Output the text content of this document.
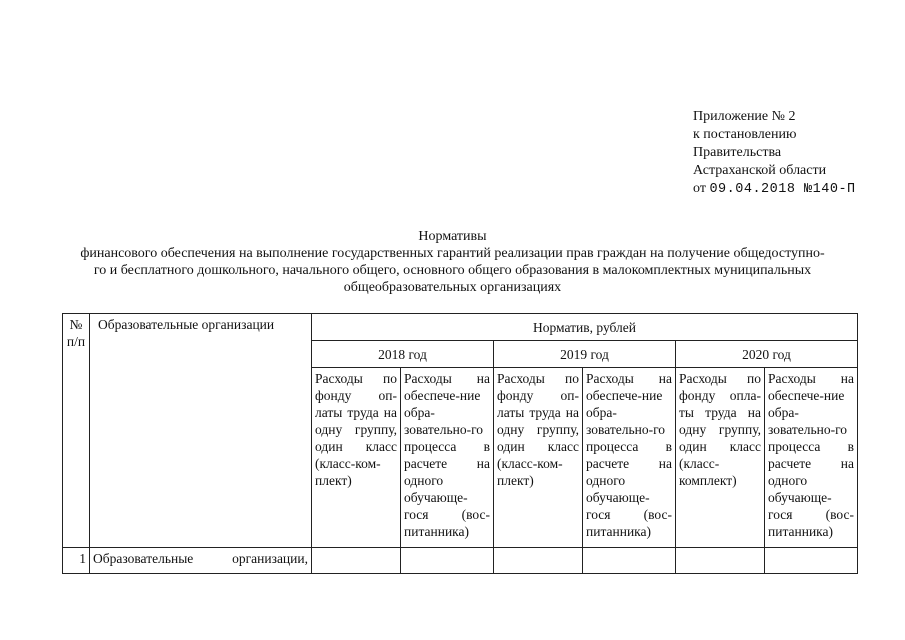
Приложение № 2
к постановлению
Правительства
Астраханской области
от 09.04.2018 №140-П
Нормативы
финансового обеспечения на выполнение государственных гарантий реализации прав граждан на получение общедоступно-
го и бесплатного дошкольного, начального общего, основного общего образования в малокомплектных муниципальных
общеобразовательных организациях
№ п/п	Образовательные организации	Норматив, рублей					
		2018 год		2019 год		2020 год	
		Расходы по фонду оп-латы труда на одну группу, один класс (класс-ком-плект)	Расходы на обеспече-ние обра-зовательно-го процесса в расчете на одного обучающе-гося (вос-питанника)	Расходы по фонду оп-латы труда на одну группу, один класс (класс-ком-плект)	Расходы на обеспече-ние обра-зовательно-го процесса в расчете на одного обучающе-гося (вос-питанника)	Расходы по фонду опла-ты труда на одну группу, один класс (класс-комплект)	Расходы на обеспече-ние обра-зовательно-го процесса в расчете на одного обучающе-гося (вос-питанника)
1	Образовательные организации,						
